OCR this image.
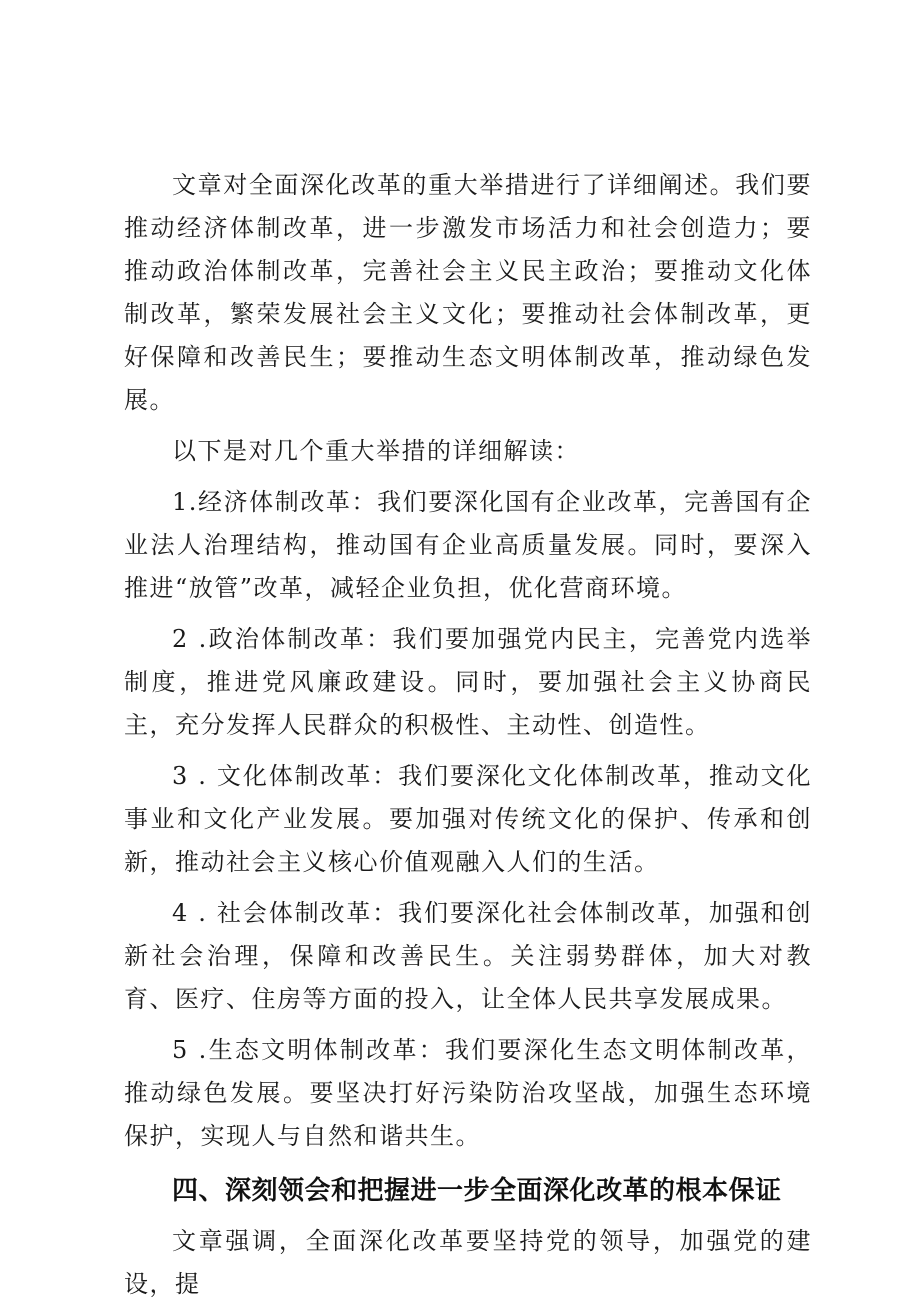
文章对全面深化改革的重大举措进行了详细阐述。我们要推动经济体制改革，进一步激发市场活力和社会创造力；要推动政治体制改革，完善社会主义民主政治；要推动文化体制改革，繁荣发展社会主义文化；要推动社会体制改革，更好保障和改善民生；要推动生态文明体制改革，推动绿色发展。

以下是对几个重大举措的详细解读：

1.经济体制改革：我们要深化国有企业改革，完善国有企业法人治理结构，推动国有企业高质量发展。同时，要深入推进“放管”改革，减轻企业负担，优化营商环境。

2 .政治体制改革：我们要加强党内民主，完善党内选举制度，推进党风廉政建设。同时，要加强社会主义协商民主，充分发挥人民群众的积极性、主动性、创造性。

3 . 文化体制改革：我们要深化文化体制改革，推动文化事业和文化产业发展。要加强对传统文化的保护、传承和创新，推动社会主义核心价值观融入人们的生活。

4 . 社会体制改革：我们要深化社会体制改革，加强和创新社会治理，保障和改善民生。关注弱势群体，加大对教育、医疗、住房等方面的投入，让全体人民共享发展成果。

5 .生态文明体制改革：我们要深化生态文明体制改革，推动绿色发展。要坚决打好污染防治攻坚战，加强生态环境保护，实现人与自然和谐共生。

四、深刻领会和把握进一步全面深化改革的根本保证

文章强调，全面深化改革要坚持党的领导，加强党的建设，提
